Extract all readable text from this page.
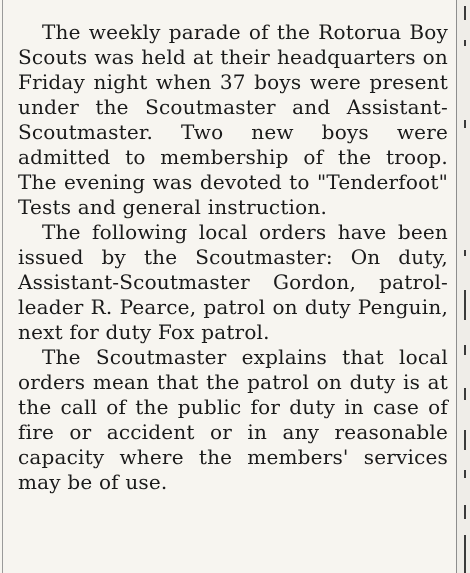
The weekly parade of the Rotorua Boy Scouts was held at their headquarters on Friday night when 37 boys were present under the Scoutmaster and Assistant-Scoutmaster. Two new boys were admitted to membership of the troop. The evening was devoted to "Tenderfoot" Tests and general instruction.

The following local orders have been issued by the Scoutmaster: On duty, Assistant-Scoutmaster Gordon, patrol-leader R. Pearce, patrol on duty Penguin, next for duty Fox patrol.

The Scoutmaster explains that local orders mean that the patrol on duty is at the call of the public for duty in case of fire or accident or in any reasonable capacity where the members' services may be of use.
